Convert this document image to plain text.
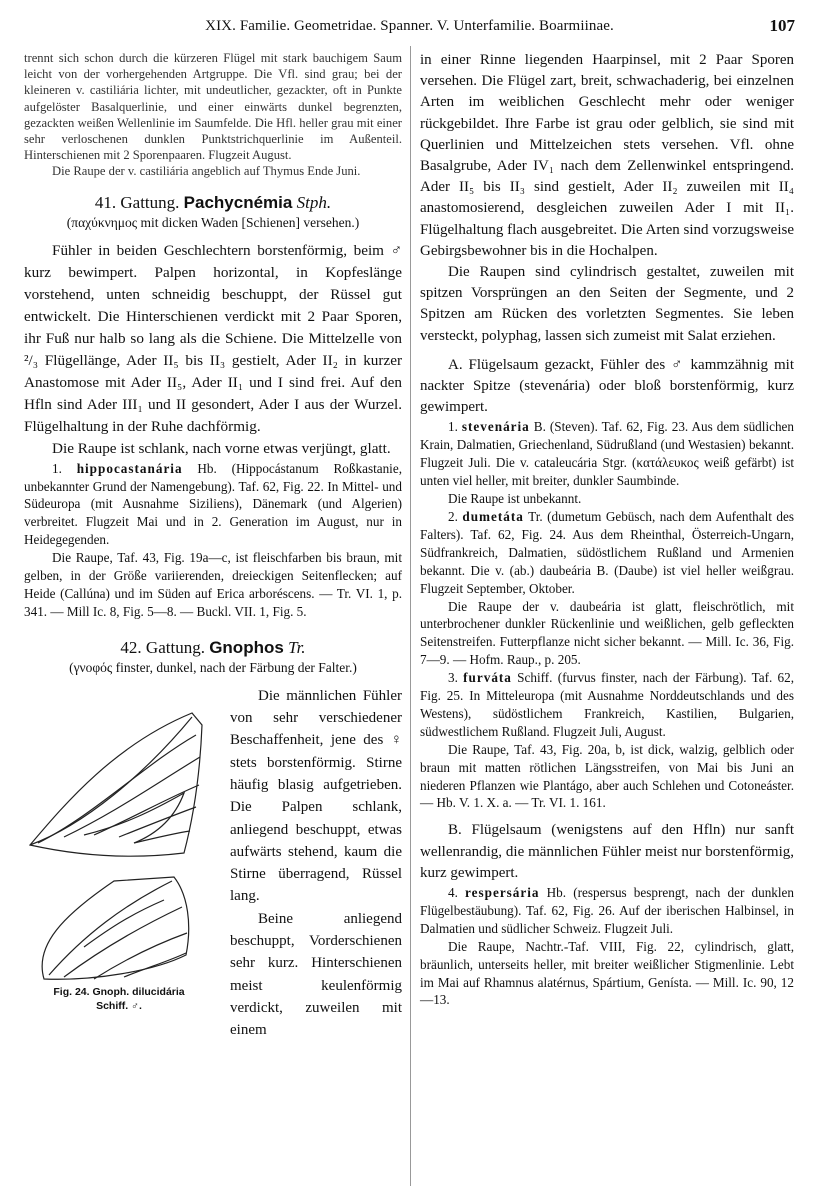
XIX. Familie. Geometridae. Spanner. V. Unterfamilie. Boarmiinae.	107

trennt sich schon durch die kürzeren Flügel mit stark bauchigem Saum leicht von der vorhergehenden Artgruppe. Die Vfl. sind grau; bei der kleineren v. castiliária lichter, mit undeutlicher, gezackter, oft in Punkte aufgelöster Basalquerlinie, und einer einwärts dunkel begrenzten, gezackten weißen Wellenlinie im Saumfelde. Die Hfl. heller grau mit einer sehr verloschenen dunklen Punktstrichquerlinie im Außenteil. Hinterschienen mit 2 Sporenpaaren. Flugzeit August.

Die Raupe der v. castiliária angeblich auf Thymus Ende Juni.

41. Gattung. Pachycnémia Stph.

(παχύκνημος mit dicken Waden [Schienen] versehen.)

Fühler in beiden Geschlechtern borstenförmig, beim ♂ kurz bewimpert. Palpen horizontal, in Kopfeslänge vorstehend, unten schneidig beschuppt, der Rüssel gut entwickelt. Die Hinterschienen verdickt mit 2 Paar Sporen, ihr Fuß nur halb so lang als die Schiene. Die Mittelzelle von ²/₃ Flügellänge, Ader II₅ bis II₃ gestielt, Ader II₂ in kurzer Anastomose mit Ader II₅, Ader II₁ und I sind frei. Auf den Hfln sind Ader III₁ und II gesondert, Ader I aus der Wurzel. Flügelhaltung in der Ruhe dachförmig.

Die Raupe ist schlank, nach vorne etwas verjüngt, glatt.

1. hippocastanária Hb. (Hippocástanum Roßkastanie, unbekannter Grund der Namengebung). Taf. 62, Fig. 22. In Mittel- und Südeuropa (mit Ausnahme Siziliens), Dänemark (und Algerien) verbreitet. Flugzeit Mai und in 2. Generation im August, nur in Heidegegenden.

Die Raupe, Taf. 43, Fig. 19a—c, ist fleischfarben bis braun, mit gelben, in der Größe variierenden, dreieckigen Seitenflecken; auf Heide (Callúna) und im Süden auf Erica arboréscens. — Tr. VI. 1, p. 341. — Mill Ic. 8, Fig. 5—8. — Buckl. VII. 1, Fig. 5.

42. Gattung. Gnophos Tr.

(γνοφός finster, dunkel, nach der Färbung der Falter.)

Fig. 24. Gnoph. dilucidária
Schiff. ♂.

Die männlichen Fühler von sehr verschiedener Beschaffenheit, jene des ♀ stets borstenförmig. Stirne häufig blasig aufgetrieben. Die Palpen schlank, anliegend beschuppt, etwas aufwärts stehend, kaum die Stirne überragend, Rüssel lang.

Beine anliegend beschuppt, Vorderschienen sehr kurz. Hinterschienen meist keulenförmig verdickt, zuweilen mit einem

in einer Rinne liegenden Haarpinsel, mit 2 Paar Sporen versehen. Die Flügel zart, breit, schwachaderig, bei einzelnen Arten im weiblichen Geschlecht mehr oder weniger rückgebildet. Ihre Farbe ist grau oder gelblich, sie sind mit Querlinien und Mittelzeichen stets versehen. Vfl. ohne Basalgrube, Ader IV₁ nach dem Zellenwinkel entspringend. Ader II₅ bis II₃ sind gestielt, Ader II₂ zuweilen mit II₄ anastomosierend, desgleichen zuweilen Ader I mit II₁. Flügelhaltung flach ausgebreitet. Die Arten sind vorzugsweise Gebirgsbewohner bis in die Hochalpen.

Die Raupen sind cylindrisch gestaltet, zuweilen mit spitzen Vorsprüngen an den Seiten der Segmente, und 2 Spitzen am Rücken des vorletzten Segmentes. Sie leben versteckt, polyphag, lassen sich zumeist mit Salat erziehen.

A. Flügelsaum gezackt, Fühler des ♂ kammzähnig mit nackter Spitze (stevenária) oder bloß borstenförmig, kurz gewimpert.

1. stevenária B. (Steven). Taf. 62, Fig. 23. Aus dem südlichen Krain, Dalmatien, Griechenland, Südrußland (und Westasien) bekannt. Flugzeit Juli. Die v. cataleucária Stgr. (κατάλευκος weiß gefärbt) ist unten viel heller, mit breiter, dunkler Saumbinde.

Die Raupe ist unbekannt.

2. dumetáta Tr. (dumetum Gebüsch, nach dem Aufenthalt des Falters). Taf. 62, Fig. 24. Aus dem Rheinthal, Österreich-Ungarn, Südfrankreich, Dalmatien, südöstlichem Rußland und Armenien bekannt. Die v. (ab.) daubeária B. (Daube) ist viel heller weißgrau. Flugzeit September, Oktober.

Die Raupe der v. daubeária ist glatt, fleischrötlich, mit unterbrochener dunkler Rückenlinie und weißlichen, gelb gefleckten Seitenstreifen. Futterpflanze nicht sicher bekannt. — Mill. Ic. 36, Fig. 7—9. — Hofm. Raup., p. 205.

3. furváta Schiff. (furvus finster, nach der Färbung). Taf. 62, Fig. 25. In Mitteleuropa (mit Ausnahme Norddeutschlands und des Westens), südöstlichem Frankreich, Kastilien, Bulgarien, südwestlichem Rußland. Flugzeit Juli, August.

Die Raupe, Taf. 43, Fig. 20a, b, ist dick, walzig, gelblich oder braun mit matten rötlichen Längsstreifen, von Mai bis Juni an niederen Pflanzen wie Plantágo, aber auch Schlehen und Cotoneáster. — Hb. V. 1. X. a. — Tr. VI. 1. 161.

B. Flügelsaum (wenigstens auf den Hfln) nur sanft wellenrandig, die männlichen Fühler meist nur borstenförmig, kurz gewimpert.

4. respersária Hb. (respersus besprengt, nach der dunklen Flügelbestäubung). Taf. 62, Fig. 26. Auf der iberischen Halbinsel, in Dalmatien und südlicher Schweiz. Flugzeit Juli.

Die Raupe, Nachtr.-Taf. VIII, Fig. 22, cylindrisch, glatt, bräunlich, unterseits heller, mit breiter weißlicher Stigmenlinie. Lebt im Mai auf Rhamnus alatérnus, Spártium, Genísta. — Mill. Ic. 90, 12—13.
